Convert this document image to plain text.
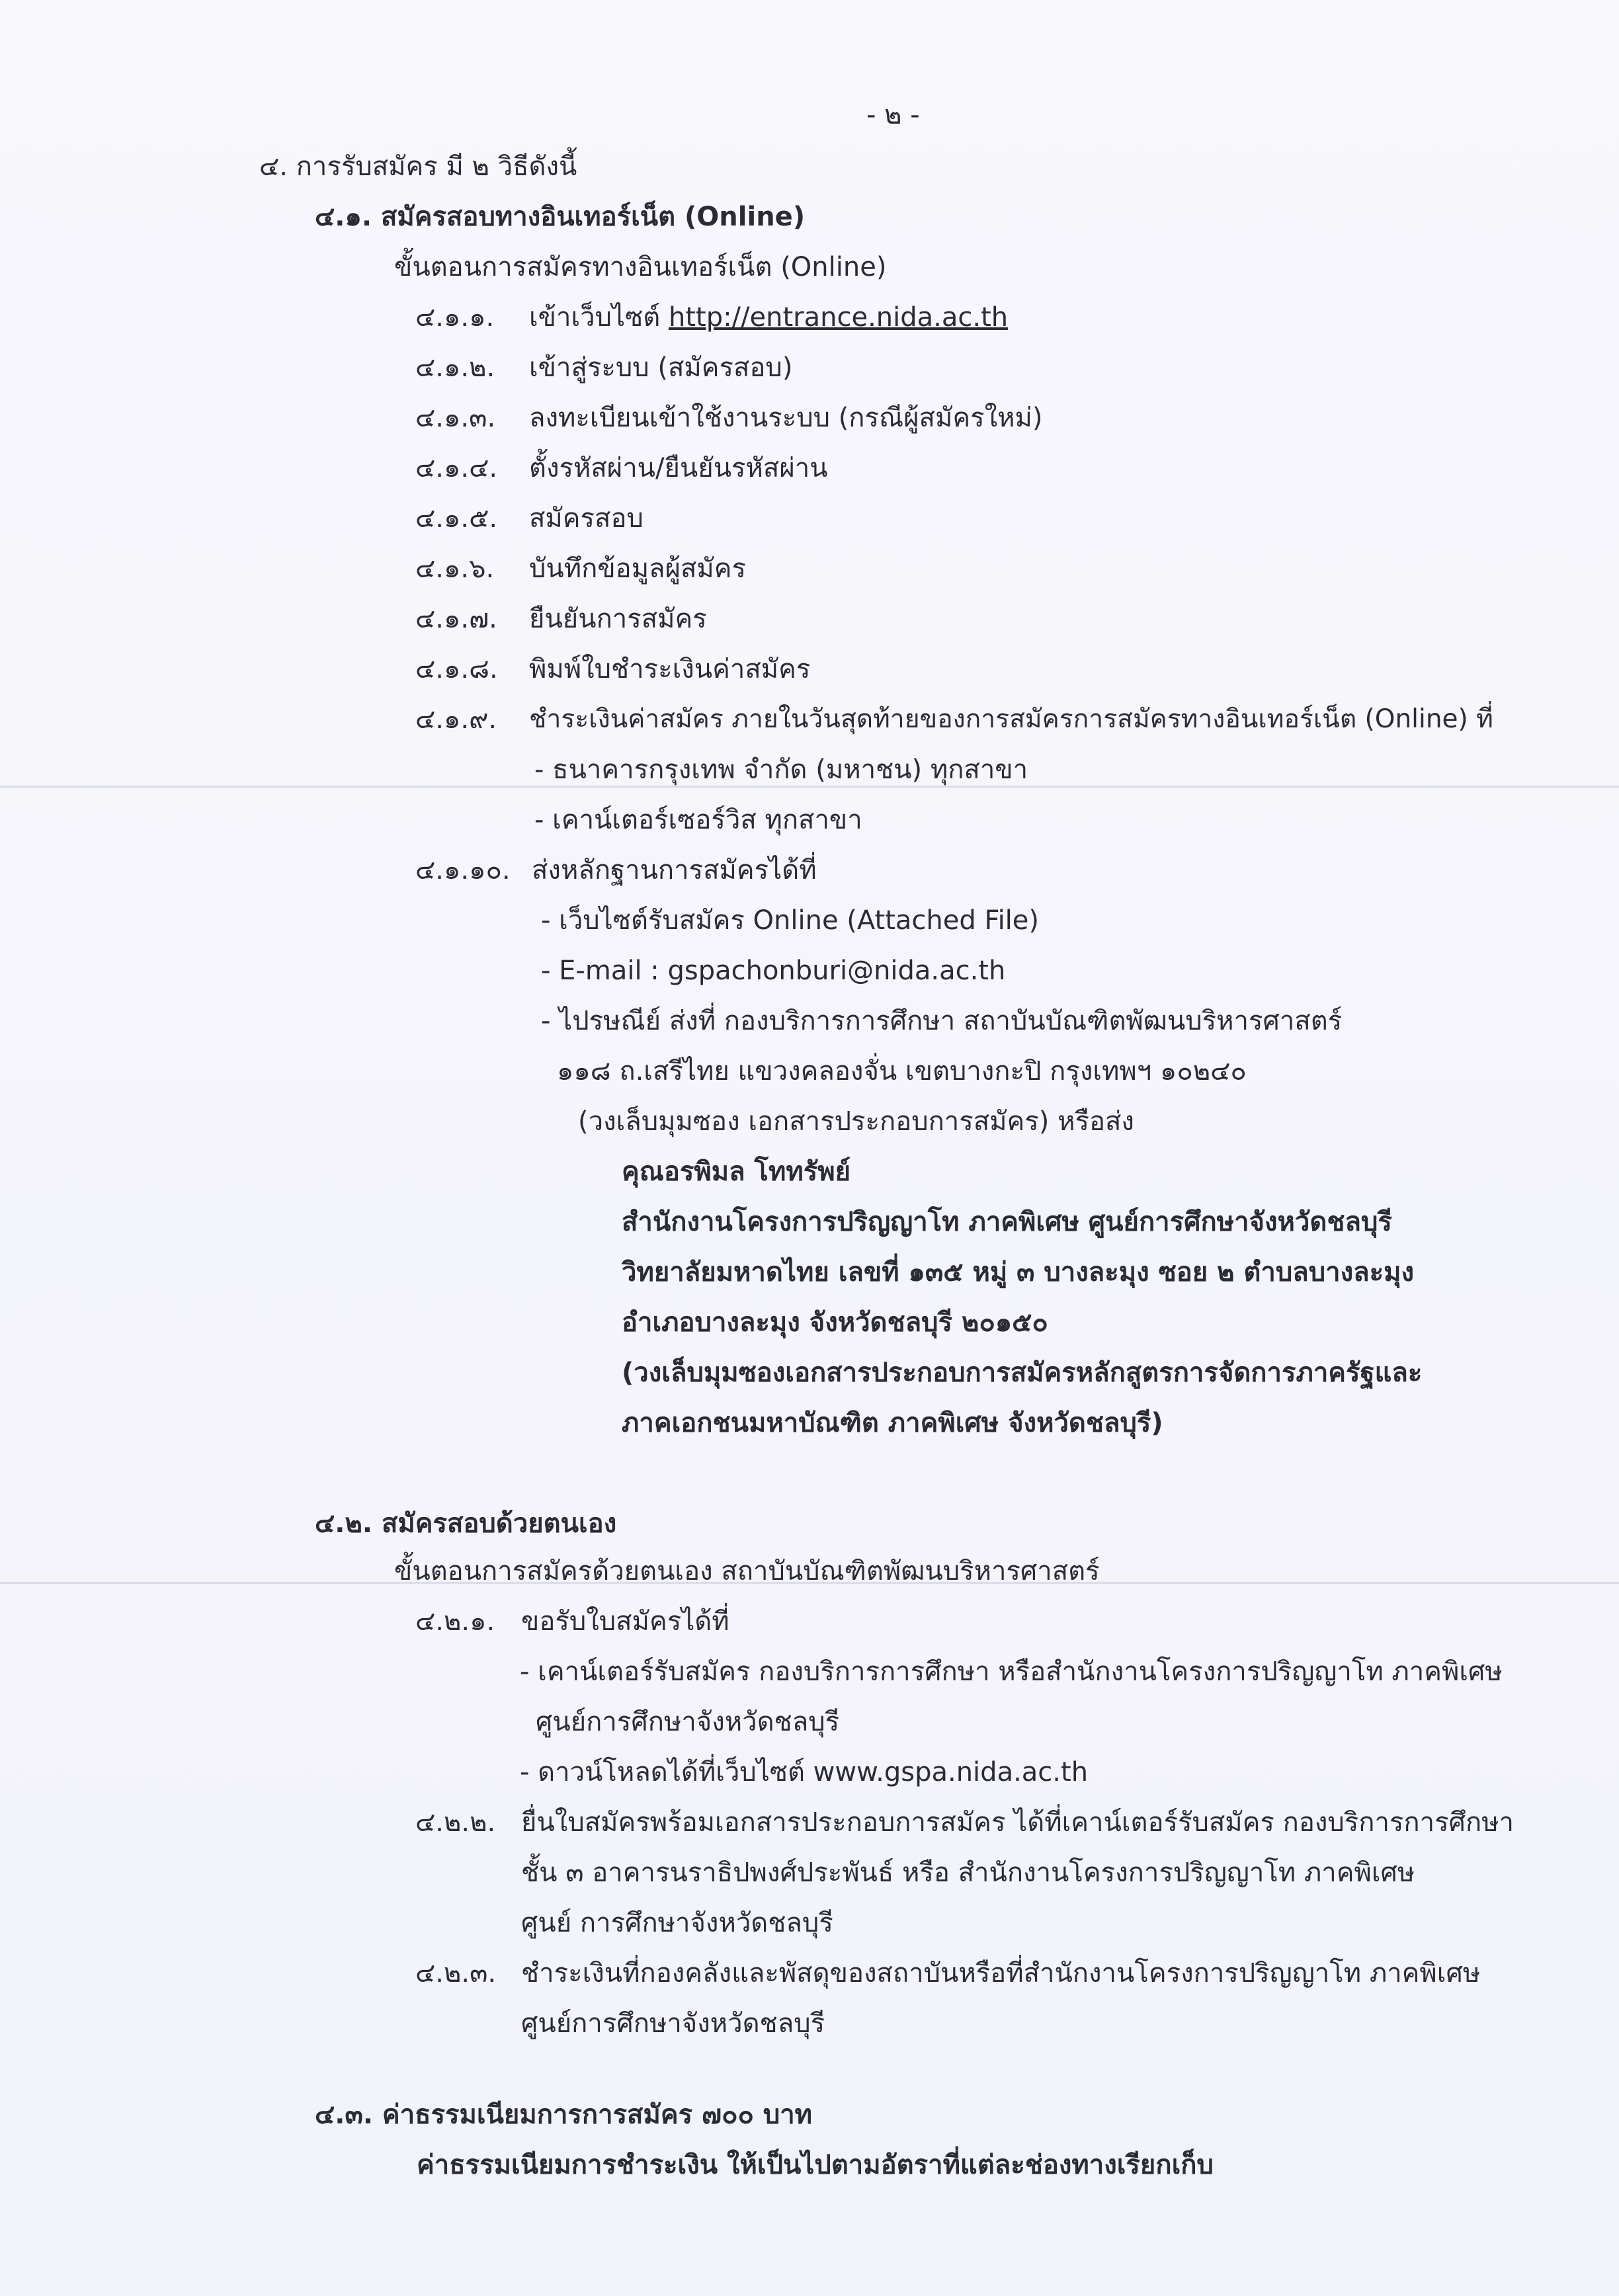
- ๒ -
๔. การรับสมัคร มี ๒ วิธีดังนี้
๔.๑. สมัครสอบทางอินเทอร์เน็ต (Online)
ขั้นตอนการสมัครทางอินเทอร์เน็ต (Online)
๔.๑.๑. เข้าเว็บไซต์ http://entrance.nida.ac.th
๔.๑.๒. เข้าสู่ระบบ (สมัครสอบ)
๔.๑.๓. ลงทะเบียนเข้าใช้งานระบบ (กรณีผู้สมัครใหม่)
๔.๑.๔. ตั้งรหัสผ่าน/ยืนยันรหัสผ่าน
๔.๑.๕. สมัครสอบ
๔.๑.๖. บันทึกข้อมูลผู้สมัคร
๔.๑.๗. ยืนยันการสมัคร
๔.๑.๘. พิมพ์ใบชำระเงินค่าสมัคร
๔.๑.๙. ชำระเงินค่าสมัคร ภายในวันสุดท้ายของการสมัครการสมัครทางอินเทอร์เน็ต (Online) ที่
- ธนาคารกรุงเทพ จำกัด (มหาชน) ทุกสาขา
- เคาน์เตอร์เซอร์วิส ทุกสาขา
๔.๑.๑๐. ส่งหลักฐานการสมัครได้ที่
- เว็บไซต์รับสมัคร Online (Attached File)
- E-mail : gspachonburi@nida.ac.th
- ไปรษณีย์ ส่งที่ กองบริการการศึกษา สถาบันบัณฑิตพัฒนบริหารศาสตร์
๑๑๘ ถ.เสรีไทย แขวงคลองจั่น เขตบางกะปิ กรุงเทพฯ ๑๐๒๔๐
(วงเล็บมุมซอง เอกสารประกอบการสมัคร) หรือส่ง
คุณอรพิมล โททรัพย์
สำนักงานโครงการปริญญาโท ภาคพิเศษ ศูนย์การศึกษาจังหวัดชลบุรี
วิทยาลัยมหาดไทย เลขที่ ๑๓๕ หมู่ ๓ บางละมุง ซอย ๒ ตำบลบางละมุง
อำเภอบางละมุง จังหวัดชลบุรี ๒๐๑๕๐
(วงเล็บมุมซองเอกสารประกอบการสมัครหลักสูตรการจัดการภาครัฐและ
ภาคเอกชนมหาบัณฑิต ภาคพิเศษ จังหวัดชลบุรี)
๔.๒. สมัครสอบด้วยตนเอง
ขั้นตอนการสมัครด้วยตนเอง สถาบันบัณฑิตพัฒนบริหารศาสตร์
๔.๒.๑. ขอรับใบสมัครได้ที่
- เคาน์เตอร์รับสมัคร กองบริการการศึกษา หรือสำนักงานโครงการปริญญาโท ภาคพิเศษ
ศูนย์การศึกษาจังหวัดชลบุรี
- ดาวน์โหลดได้ที่เว็บไซต์ www.gspa.nida.ac.th
๔.๒.๒. ยื่นใบสมัครพร้อมเอกสารประกอบการสมัคร ได้ที่เคาน์เตอร์รับสมัคร กองบริการการศึกษา
ชั้น ๓ อาคารนราธิปพงศ์ประพันธ์ หรือ สำนักงานโครงการปริญญาโท ภาคพิเศษ
ศูนย์ การศึกษาจังหวัดชลบุรี
๔.๒.๓. ชำระเงินที่กองคลังและพัสดุของสถาบันหรือที่สำนักงานโครงการปริญญาโท ภาคพิเศษ
ศูนย์การศึกษาจังหวัดชลบุรี
๔.๓. ค่าธรรมเนียมการการสมัคร ๗๐๐ บาท
ค่าธรรมเนียมการชำระเงิน ให้เป็นไปตามอัตราที่แต่ละช่องทางเรียกเก็บ
